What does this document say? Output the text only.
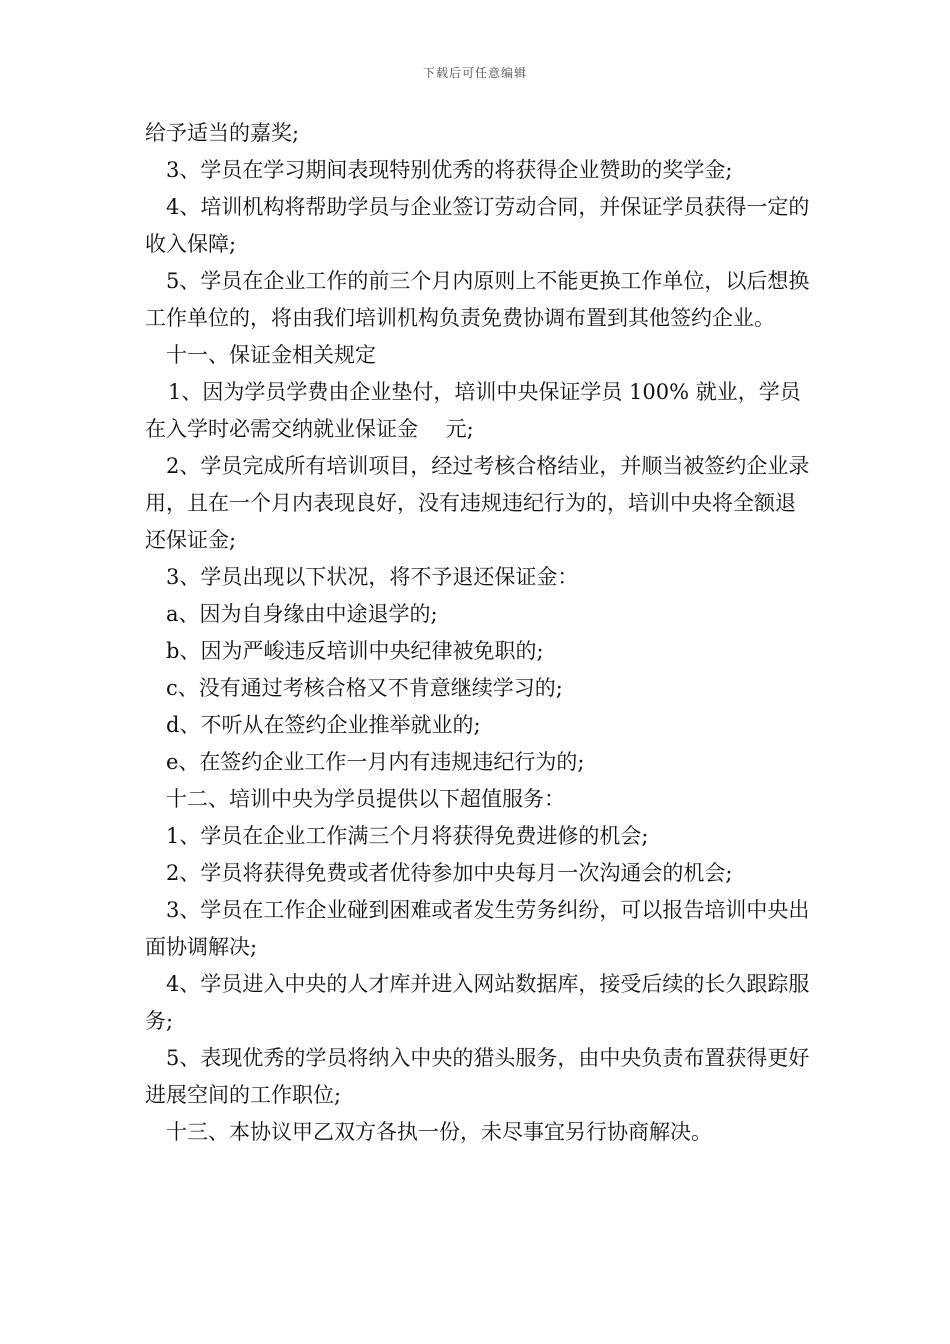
下载后可任意编辑

给予适当的嘉奖;

3、学员在学习期间表现特别优秀的将获得企业赞助的奖学金;

4、培训机构将帮助学员与企业签订劳动合同，并保证学员获得一定的收入保障;

5、学员在企业工作的前三个月内原则上不能更换工作单位，以后想换工作单位的，将由我们培训机构负责免费协调布置到其他签约企业。

十一、保证金相关规定

1、因为学员学费由企业垫付，培训中央保证学员 100% 就业，学员在入学时必需交纳就业保证金　 元;

2、学员完成所有培训项目，经过考核合格结业，并顺当被签约企业录用，且在一个月内表现良好，没有违规违纪行为的，培训中央将全额退还保证金;

3、学员出现以下状况，将不予退还保证金：

a、因为自身缘由中途退学的;

b、因为严峻违反培训中央纪律被免职的;

c、没有通过考核合格又不肯意继续学习的;

d、不听从在签约企业推举就业的;

e、在签约企业工作一月内有违规违纪行为的;

十二、培训中央为学员提供以下超值服务：

1、学员在企业工作满三个月将获得免费进修的机会;

2、学员将获得免费或者优待参加中央每月一次沟通会的机会;

3、学员在工作企业碰到困难或者发生劳务纠纷，可以报告培训中央出面协调解决;

4、学员进入中央的人才库并进入网站数据库，接受后续的长久跟踪服务;

5、表现优秀的学员将纳入中央的猎头服务，由中央负责布置获得更好进展空间的工作职位;

十三、本协议甲乙双方各执一份，未尽事宜另行协商解决。
